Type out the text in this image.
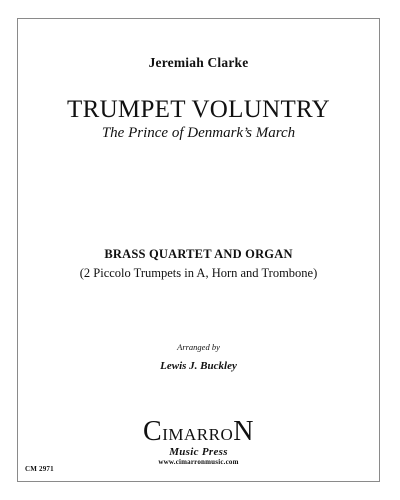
Jeremiah Clarke
TRUMPET VOLUNTRY
The Prince of Denmark’s March
BRASS QUARTET AND ORGAN
(2 Piccolo Trumpets in A, Horn and Trombone)
Arranged by
Lewis J. Buckley
CIMARRON
Music Press
www.cimarronmusic.com
CM 2971
